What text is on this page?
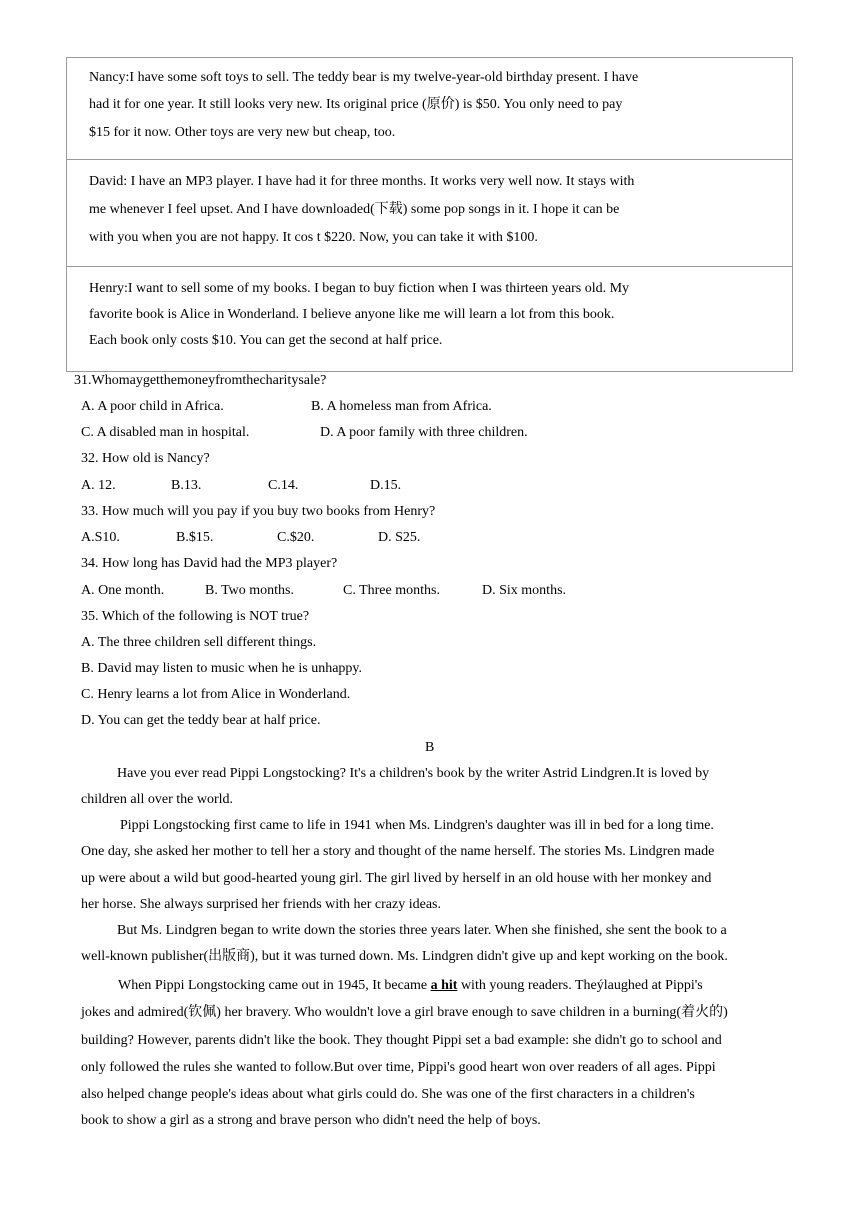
Nancy:I have some soft toys to sell. The teddy bear is my twelve-year-old birthday present. I have
had it for one year. It still looks very new. Its original price (原价) is $50. You only need to pay
$15 for it now. Other toys are very new but cheap, too.
David: I have an MP3 player. I have had it for three months. It works very well now. It stays with
me whenever I feel upset. And I have downloaded(下载) some pop songs in it. I hope it can be
with you when you are not happy. It cos t $220. Now, you can take it with $100.
Henry:I want to sell some of my books. I began to buy fiction when I was thirteen years old. My
favorite book is Alice in Wonderland. I believe anyone like me will learn a lot from this book.
Each book only costs $10. You can get the second at half price.
31.Whomaygetthemoneyfromthecharitysale?
A. A poor child in Africa.	B. A homeless man from Africa.
C. A disabled man in hospital.	D. A poor family with three children.
32. How old is Nancy?
A. 12.	B.13.	C.14.	D.15.
33. How much will you pay if you buy two books from Henry?
A.S10.	B.$15.	C.$20.	D. S25.
34. How long has David had the MP3 player?
A. One month.	B. Two months.	C. Three months.	D. Six months.
35. Which of the following is NOT true?
A. The three children sell different things.
B. David may listen to music when he is unhappy.
C. Henry learns a lot from Alice in Wonderland.
D. You can get the teddy bear at half price.
B
Have you ever read Pippi Longstocking? It's a children's book by the writer Astrid Lindgren.It is loved by
children all over the world.
Pippi Longstocking first came to life in 1941 when Ms. Lindgren's daughter was ill in bed for a long time.
One day, she asked her mother to tell her a story and thought of the name herself. The stories Ms. Lindgren made
up were about a wild but good-hearted young girl. The girl lived by herself in an old house with her monkey and
her horse. She always surprised her friends with her crazy ideas.
But Ms. Lindgren began to write down the stories three years later. When she finished, she sent the book to a
well-known publisher(出版商), but it was turned down. Ms. Lindgren didn't give up and kept working on the book.
When Pippi Longstocking came out in 1945, It became a hit with young readers. Theýlaughed at Pippi's
jokes and admired(钦佩) her bravery. Who wouldn't love a girl brave enough to save children in a burning(着火的)
building? However, parents didn't like the book. They thought Pippi set a bad example: she didn't go to school and
only followed the rules she wanted to follow.But over time, Pippi's good heart won over readers of all ages. Pippi
also helped change people's ideas about what girls could do. She was one of the first characters in a children's
book to show a girl as a strong and brave person who didn't need the help of boys.
